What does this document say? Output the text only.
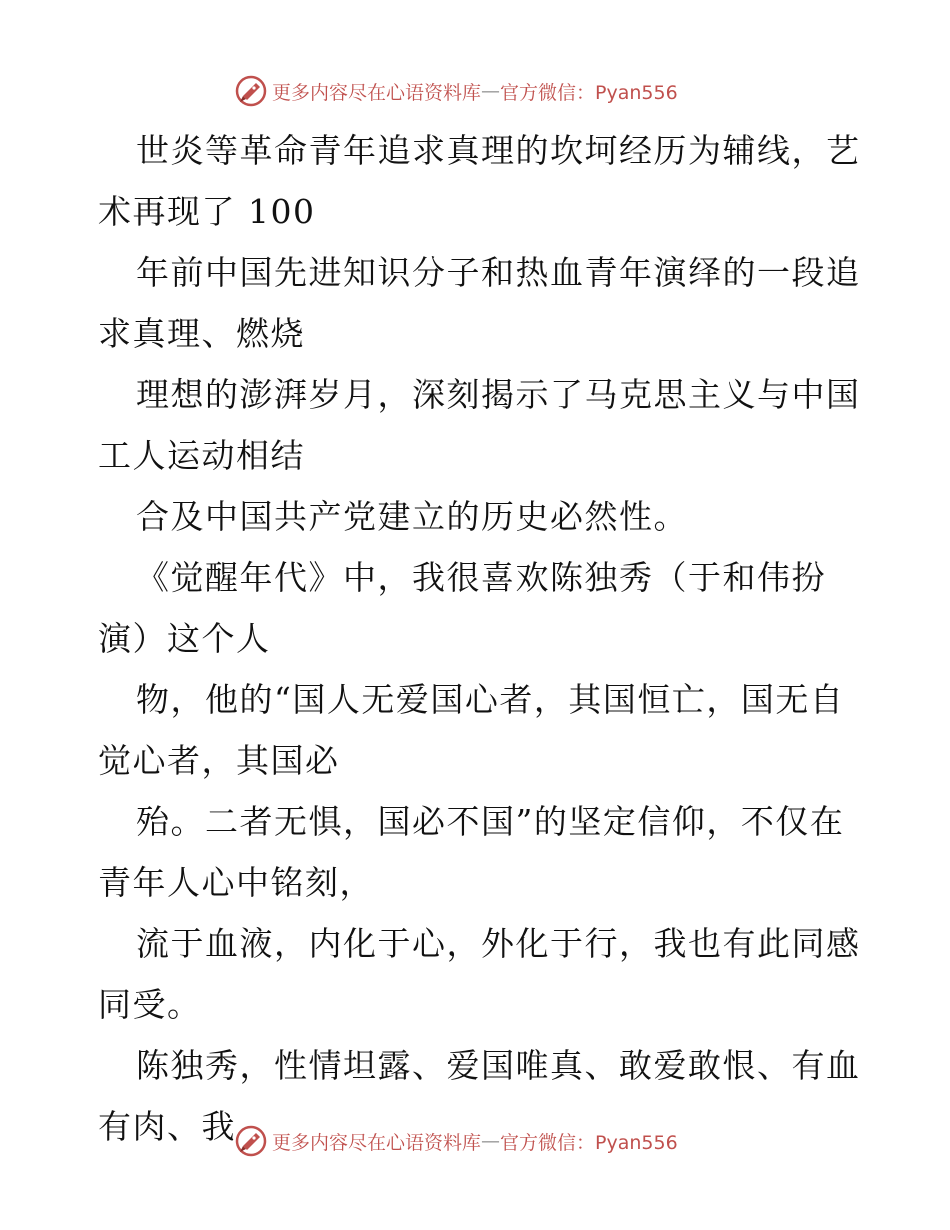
更多内容尽在心语资料库 — 官方微信：Pyan556
世炎等革命青年追求真理的坎坷经历为辅线，艺
术再现了 100
年前中国先进知识分子和热血青年演绎的一段追
求真理、燃烧
理想的澎湃岁月，深刻揭示了马克思主义与中国
工人运动相结
合及中国共产党建立的历史必然性。
《觉醒年代》中，我很喜欢陈独秀（于和伟扮
演）这个人
物，他的“国人无爱国心者，其国恒亡，国无自
觉心者，其国必
殆。二者无惧，国必不国”的坚定信仰，不仅在
青年人心中铭刻，
流于血液，内化于心，外化于行，我也有此同感
同受。
陈独秀，性情坦露、爱国唯真、敢爱敢恨、有血
有肉、我	更多内容尽在心语资料库 — 官方微信：Pyan556
